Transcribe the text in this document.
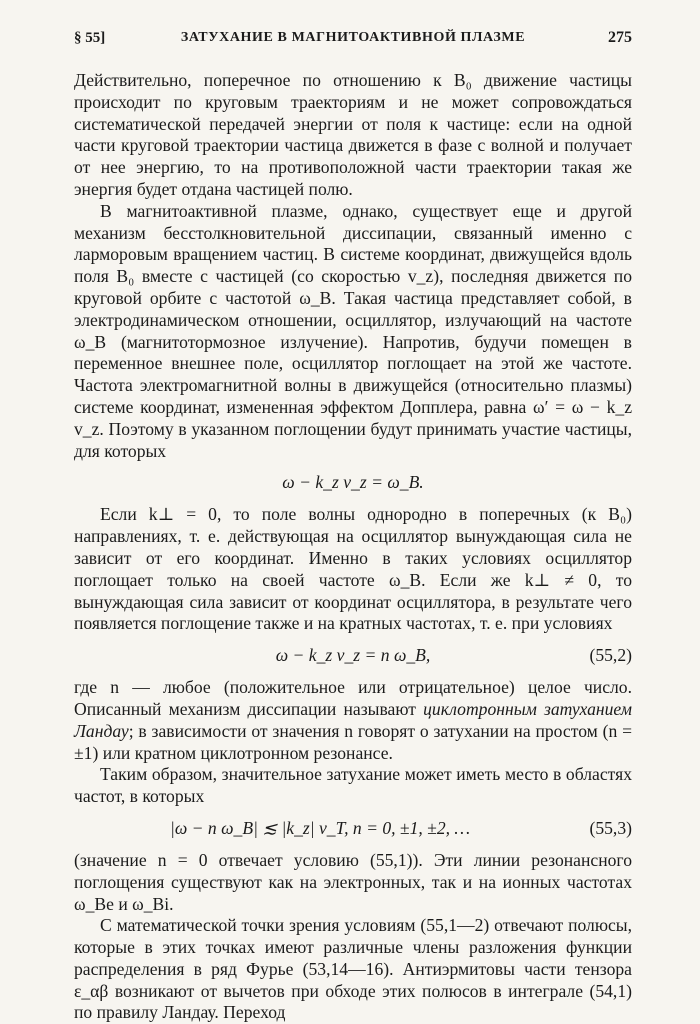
§ 55]	ЗАТУХАНИЕ В МАГНИТОАКТИВНОЙ ПЛАЗМЕ	275

Действительно, поперечное по отношению к B₀ движение частицы происходит по круговым траекториям и не может сопровождаться систематической передачей энергии от поля к частице: если на одной части круговой траектории частица движется в фазе с волной и получает от нее энергию, то на противоположной части траектории такая же энергия будет отдана частицей полю.

В магнитоактивной плазме, однако, существует еще и другой механизм бесстолкновительной диссипации, связанный именно с ларморовым вращением частиц. В системе координат, движущейся вдоль поля B₀ вместе с частицей (со скоростью v_z), последняя движется по круговой орбите с частотой ω_B. Такая частица представляет собой, в электродинамическом отношении, осциллятор, излучающий на частоте ω_B (магнитотормозное излучение). Напротив, будучи помещен в переменное внешнее поле, осциллятор поглощает на этой же частоте. Частота электромагнитной волны в движущейся (относительно плазмы) системе координат, измененная эффектом Допплера, равна ω′ = ω − k_z v_z. Поэтому в указанном поглощении будут принимать участие частицы, для которых

ω − k_z v_z = ω_B.

Если k⊥ = 0, то поле волны однородно в поперечных (к B₀) направлениях, т. е. действующая на осциллятор вынуждающая сила не зависит от его координат. Именно в таких условиях осциллятор поглощает только на своей частоте ω_B. Если же k⊥ ≠ 0, то вынуждающая сила зависит от координат осциллятора, в результате чего появляется поглощение также и на кратных частотах, т. е. при условиях

ω − k_z v_z = n ω_B,	(55,2)

где n — любое (положительное или отрицательное) целое число. Описанный механизм диссипации называют циклотронным затуханием Ландау; в зависимости от значения n говорят о затухании на простом (n = ±1) или кратном циклотронном резонансе.

Таким образом, значительное затухание может иметь место в областях частот, в которых

|ω − n ω_B| ≲ |k_z| v_T, n = 0, ±1, ±2, …	(55,3)

(значение n = 0 отвечает условию (55,1)). Эти линии резонансного поглощения существуют как на электронных, так и на ионных частотах ω_Be и ω_Bi.

С математической точки зрения условиям (55,1—2) отвечают полюсы, которые в этих точках имеют различные члены разложения функции распределения в ряд Фурье (53,14—16). Антиэрмитовы части тензора ε_αβ возникают от вычетов при обходе этих полюсов в интеграле (54,1) по правилу Ландау. Переход
